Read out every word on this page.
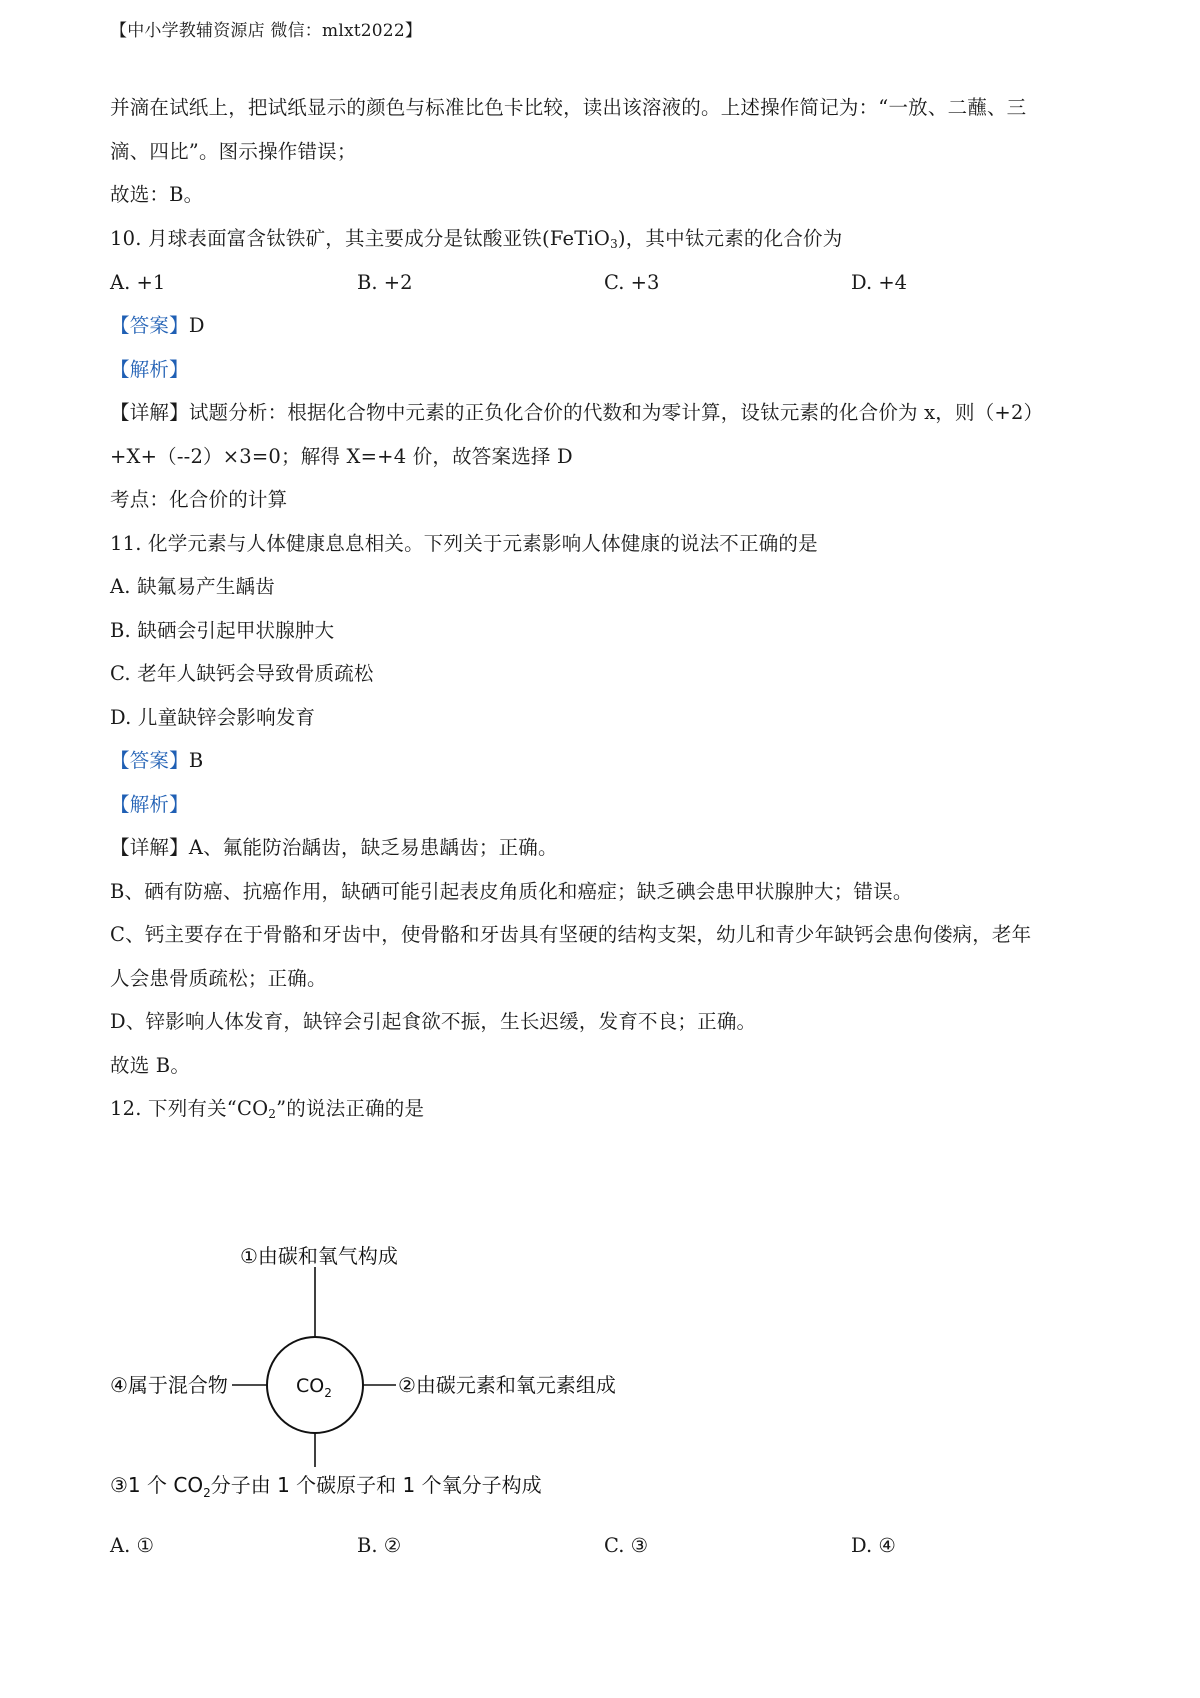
【中小学教辅资源店 微信：mlxt2022】
并滴在试纸上，把试纸显示的颜色与标准比色卡比较，读出该溶液的。上述操作简记为：“一放、二蘸、三
滴、四比”。图示操作错误；
故选：B。
10. 月球表面富含钛铁矿，其主要成分是钛酸亚铁(FeTiO$_3$)，其中钛元素的化合价为
A. +1	B. +2	C. +3	D. +4
【答案】D
【解析】
【详解】试题分析：根据化合物中元素的正负化合价的代数和为零计算，设钛元素的化合价为 x，则（+2）
+X+（--2）×3=0；解得 X=+4 价，故答案选择 D
考点：化合价的计算
11. 化学元素与人体健康息息相关。下列关于元素影响人体健康的说法不正确的是
A. 缺氟易产生龋齿
B. 缺硒会引起甲状腺肿大
C. 老年人缺钙会导致骨质疏松
D. 儿童缺锌会影响发育
【答案】B
【解析】
【详解】A、氟能防治龋齿，缺乏易患龋齿；正确。
B、硒有防癌、抗癌作用，缺硒可能引起表皮角质化和癌症；缺乏碘会患甲状腺肿大；错误。
C、钙主要存在于骨骼和牙齿中，使骨骼和牙齿具有坚硬的结构支架，幼儿和青少年缺钙会患佝偻病，老年
人会患骨质疏松；正确。
D、锌影响人体发育，缺锌会引起食欲不振，生长迟缓，发育不良；正确。
故选 B。
12. 下列有关“$CO_2$”的说法正确的是
$CO_2$
①由碳和氧气构成
②由碳元素和氧元素组成
④属于混合物
③1 个 $CO_2$分子由 1 个碳原子和 1 个氧分子构成
A. ①	B. ②	C. ③	D. ④
